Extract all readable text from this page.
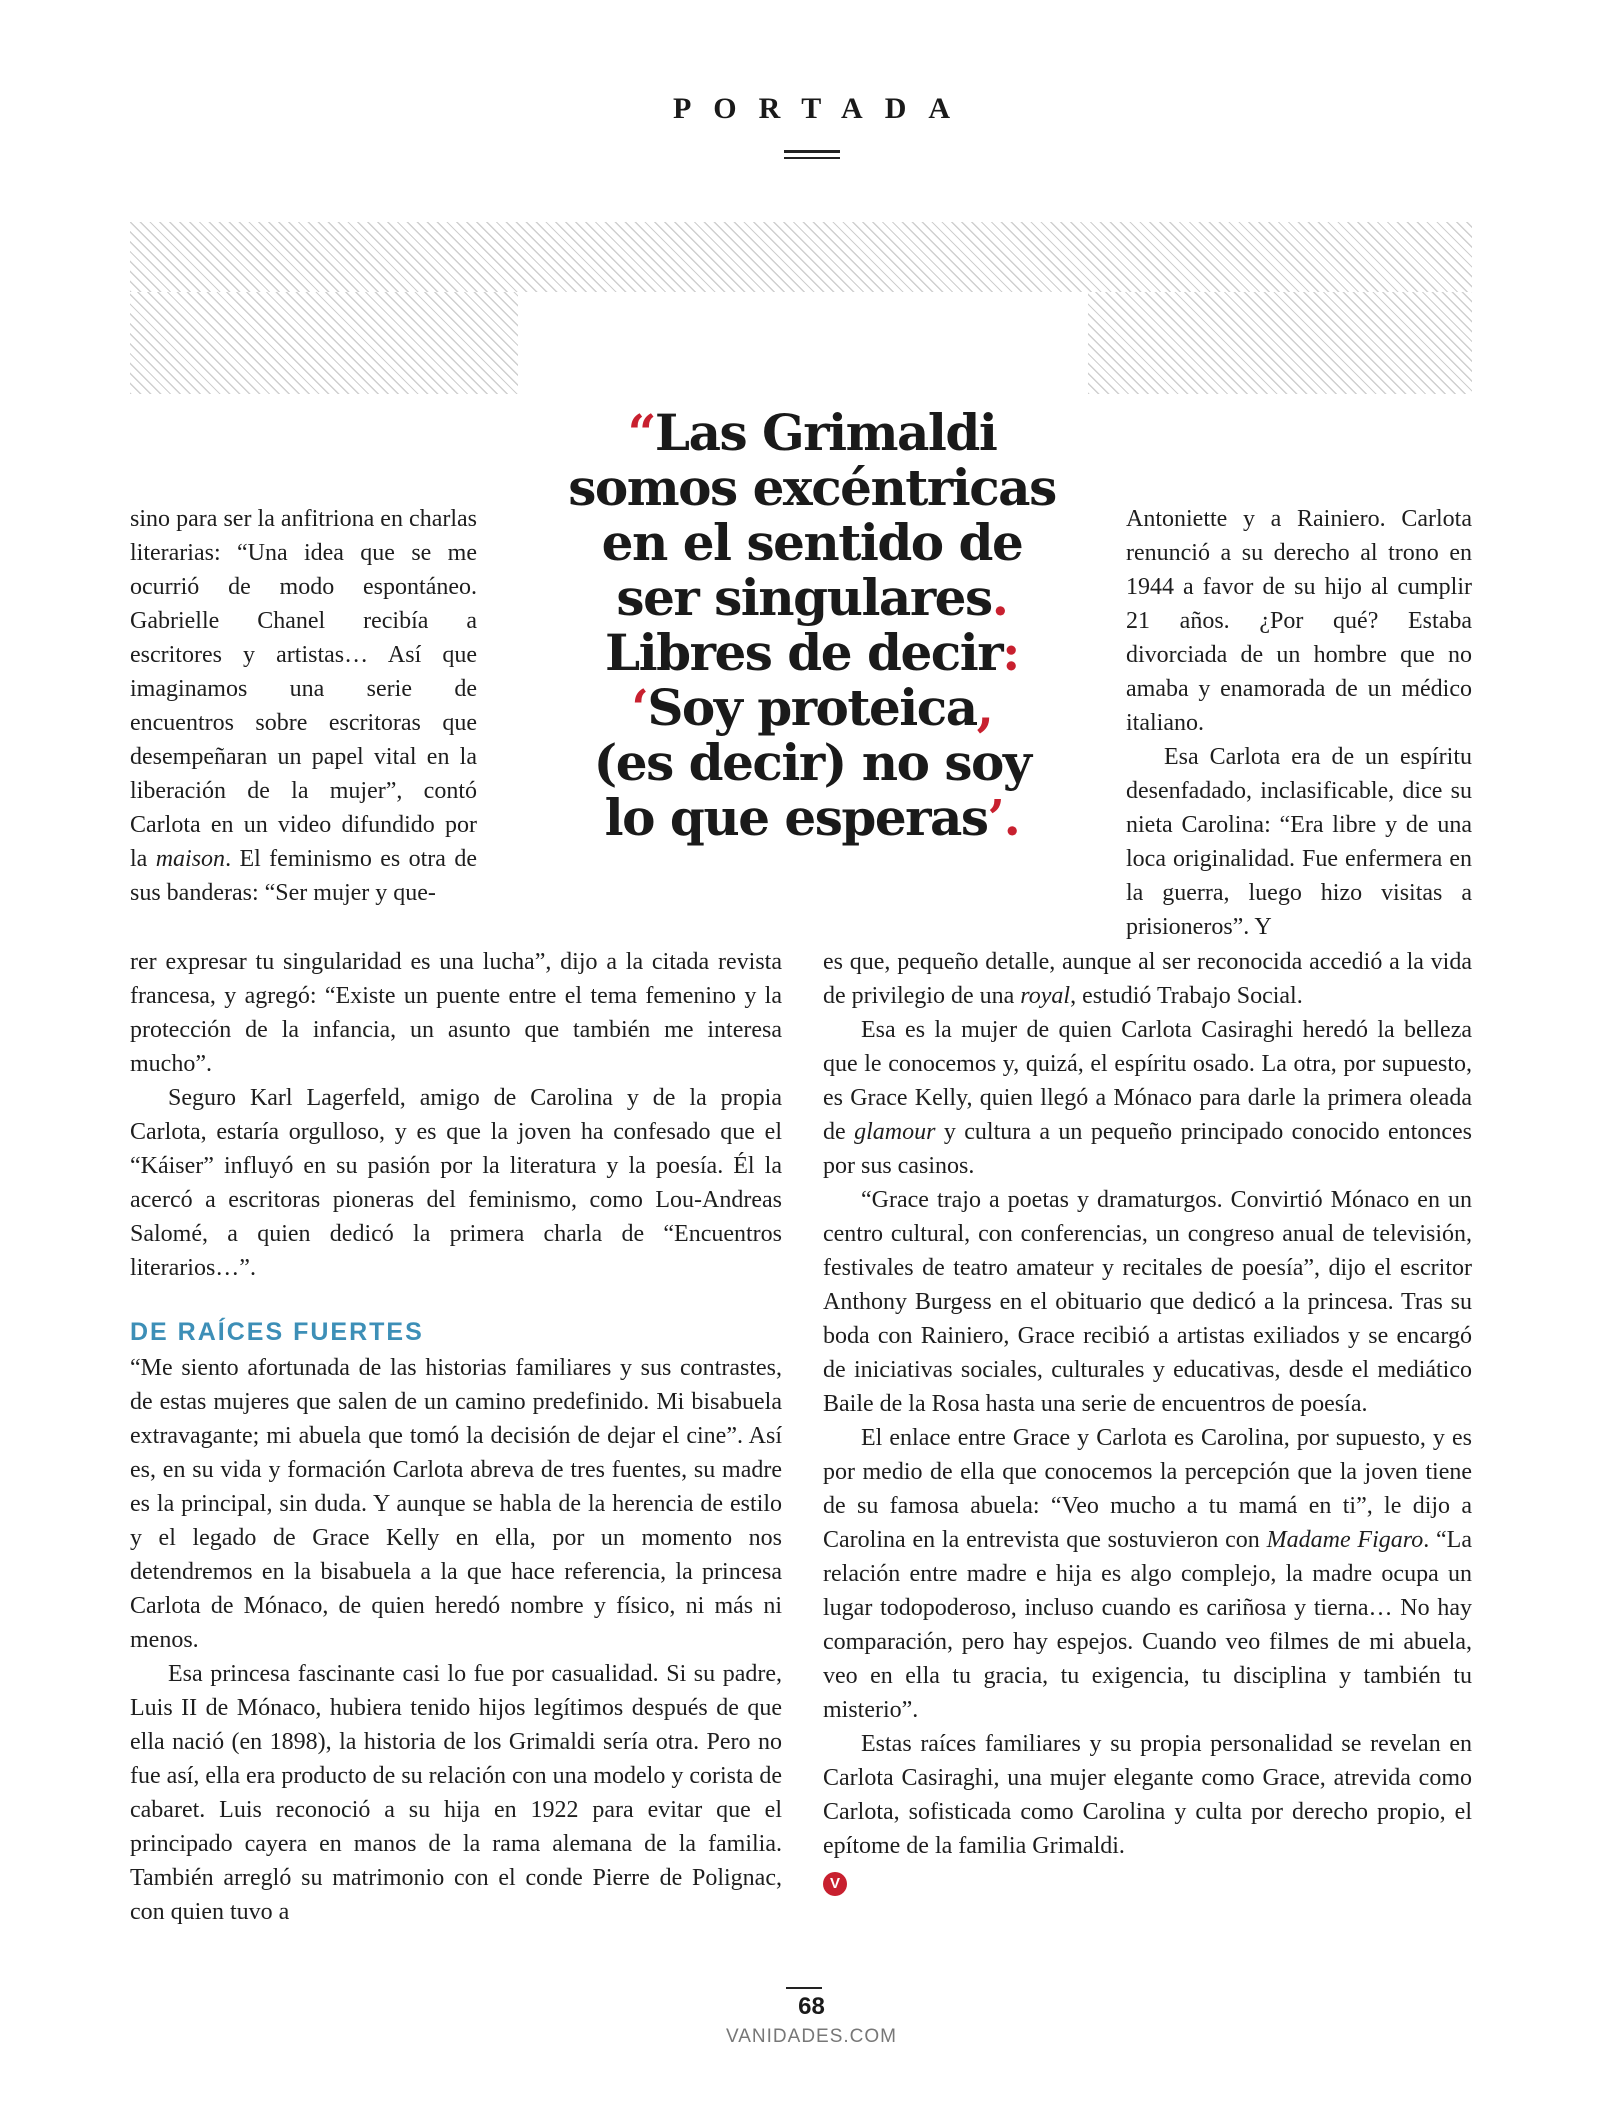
PORTADA
“Las Grimaldi
somos excéntricas
en el sentido de
ser singulares.
Libres de decir:
‘Soy proteica,
(es decir) no soy
lo que esperas’.

sino para ser la anfitriona en charlas literarias: “Una idea que se me ocurrió de modo espontáneo. Gabrielle Chanel recibía a escritores y artistas… Así que imaginamos una serie de encuentros sobre escritoras que desempeñaran un papel vital en la liberación de la mujer”, contó Carlota en un video difundido por la maison. El feminismo es otra de sus banderas: “Ser mujer y que-

rer expresar tu singularidad es una lucha”, dijo a la citada revista francesa, y agregó: “Existe un puente entre el tema femenino y la protección de la infancia, un asunto que también me interesa mucho”.

Seguro Karl Lagerfeld, amigo de Carolina y de la propia Carlota, estaría orgulloso, y es que la joven ha confesado que el “Káiser” influyó en su pasión por la literatura y la poesía. Él la acercó a escritoras pioneras del feminismo, como Lou-Andreas Salomé, a quien dedicó la primera charla de “Encuentros literarios…”.

DE RAÍCES FUERTES

“Me siento afortunada de las historias familiares y sus contrastes, de estas mujeres que salen de un camino predefinido. Mi bisabuela extravagante; mi abuela que tomó la decisión de dejar el cine”. Así es, en su vida y formación Carlota abreva de tres fuentes, su madre es la principal, sin duda. Y aunque se habla de la herencia de estilo y el legado de Grace Kelly en ella, por un momento nos detendremos en la bisabuela a la que hace referencia, la princesa Carlota de Mónaco, de quien heredó nombre y físico, ni más ni menos.

Esa princesa fascinante casi lo fue por casualidad. Si su padre, Luis II de Mónaco, hubiera tenido hijos legítimos después de que ella nació (en 1898), la historia de los Grimaldi sería otra. Pero no fue así, ella era producto de su relación con una modelo y corista de cabaret. Luis reconoció a su hija en 1922 para evitar que el principado cayera en manos de la rama alemana de la familia. También arregló su matrimonio con el conde Pierre de Polignac, con quien tuvo a

Antoniette y a Rainiero. Carlota renunció a su derecho al trono en 1944 a favor de su hijo al cumplir 21 años. ¿Por qué? Estaba divorciada de un hombre que no amaba y enamorada de un médico italiano.

Esa Carlota era de un espíritu desenfadado, inclasificable, dice su nieta Carolina: “Era libre y de una loca originalidad. Fue enfermera en la guerra, luego hizo visitas a prisioneros”. Y

es que, pequeño detalle, aunque al ser reconocida accedió a la vida de privilegio de una royal, estudió Trabajo Social.

Esa es la mujer de quien Carlota Casiraghi heredó la belleza que le conocemos y, quizá, el espíritu osado. La otra, por supuesto, es Grace Kelly, quien llegó a Mónaco para darle la primera oleada de glamour y cultura a un pequeño principado conocido entonces por sus casinos.

“Grace trajo a poetas y dramaturgos. Convirtió Mónaco en un centro cultural, con conferencias, un congreso anual de televisión, festivales de teatro amateur y recitales de poesía”, dijo el escritor Anthony Burgess en el obituario que dedicó a la princesa. Tras su boda con Rainiero, Grace recibió a artistas exiliados y se encargó de iniciativas sociales, culturales y educativas, desde el mediático Baile de la Rosa hasta una serie de encuentros de poesía.

El enlace entre Grace y Carlota es Carolina, por supuesto, y es por medio de ella que conocemos la percepción que la joven tiene de su famosa abuela: “Veo mucho a tu mamá en ti”, le dijo a Carolina en la entrevista que sostuvieron con Madame Figaro. “La relación entre madre e hija es algo complejo, la madre ocupa un lugar todopoderoso, incluso cuando es cariñosa y tierna… No hay comparación, pero hay espejos. Cuando veo filmes de mi abuela, veo en ella tu gracia, tu exigencia, tu disciplina y también tu misterio”.

Estas raíces familiares y su propia personalidad se revelan en Carlota Casiraghi, una mujer elegante como Grace, atrevida como Carlota, sofisticada como Carolina y culta por derecho propio, el epítome de la familia Grimaldi.

V
68
VANIDADES.COM
